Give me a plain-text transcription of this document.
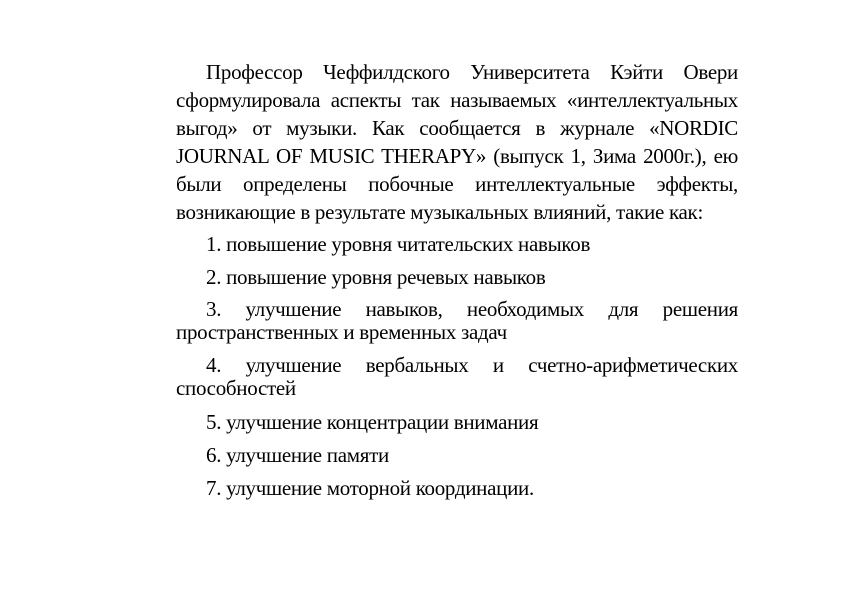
Профессор Чеффилдского Университета Кэйти Овери сформулировала аспекты так называемых «интеллектуальных выгод» от музыки. Как сообщается в журнале «NORDIC JOURNAL OF MUSIC THERAPY» (выпуск 1, Зима 2000г.), ею были определены побочные интеллектуальные эффекты, возникающие в результате музыкальных влияний, такие как:

1. повышение уровня читательских навыков

2. повышение уровня речевых навыков

3. улучшение навыков, необходимых для решения пространственных и временных задач

4. улучшение вербальных и счетно-арифметических способностей

5. улучшение концентрации внимания

6. улучшение памяти

7. улучшение моторной координации.
